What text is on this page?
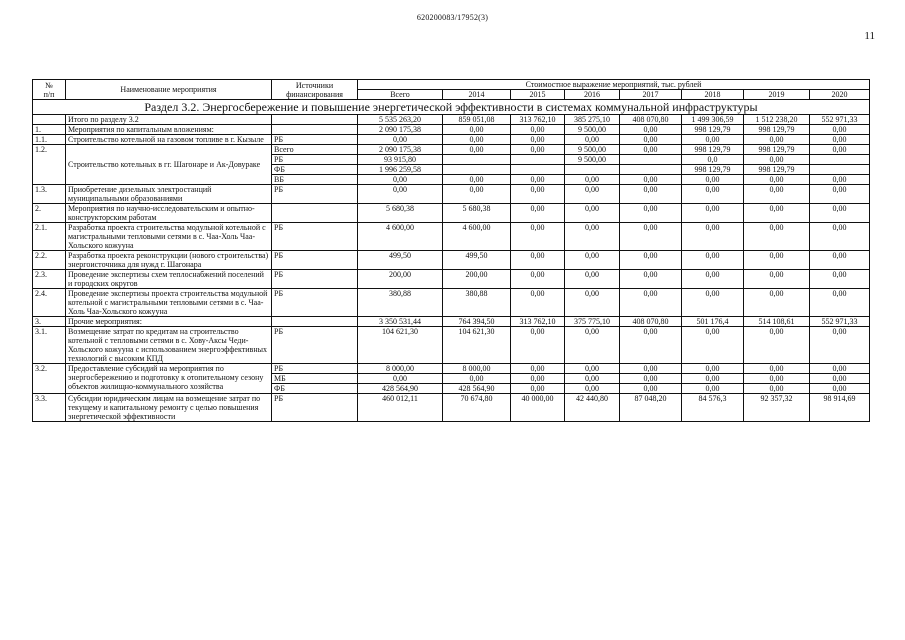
620200083/17952(3)
11
№
п/п	Наименование мероприятия	Источники финансирования	Стоимостное выражение мероприятий, тыс. рублей							
			Всего	2014	2015	2016	2017	2018	2019	2020
Раздел 3.2. Энергосбережение и повышение энергетической эффективности в системах коммунальной инфраструктуры										
	Итого по разделу 3.2		5 535 263,20	859 051,08	313 762,10	385 275,10	408 070,80	1 499 306,59	1 512 238,20	552 971,33
1.	Мероприятия по капитальным вложениям:		2 090 175,38	0,00	0,00	9 500,00	0,00	998 129,79	998 129,79	0,00
1.1.	Строительство котельной на газовом топливе в г. Кызыле	РБ	0,00	0,00	0,00	0,00	0,00	0,00	0,00	0,00
1.2.	Строительство котельных в гг. Шагонаре и Ак-Довураке	Всего	2 090 175,38	0,00	0,00	9 500,00	0,00	998 129,79	998 129,79	0,00
		РБ	93 915,80			9 500,00		0,0	0,00	
		ФБ	1 996 259,58					998 129,79	998 129,79	
		ВБ	0,00	0,00	0,00	0,00	0,00	0,00	0,00	0,00
1.3.	Приобретение дизельных электростанций муниципальными образованиями	РБ	0,00	0,00	0,00	0,00	0,00	0,00	0,00	0,00
2.	Мероприятия по научно-исследовательским и опытно-конструкторским работам		5 680,38	5 680,38	0,00	0,00	0,00	0,00	0,00	0,00
2.1.	Разработка проекта строительства модульной котельной с магистральными тепловыми сетями в с. Чаа-Холь Чаа-Хольского кожууна	РБ	4 600,00	4 600,00	0,00	0,00	0,00	0,00	0,00	0,00
2.2.	Разработка проекта реконструкции (нового строительства) энергоисточника для нужд г. Шагонара	РБ	499,50	499,50	0,00	0,00	0,00	0,00	0,00	0,00
2.3.	Проведение экспертизы схем теплоснабжений поселений и городских округов	РБ	200,00	200,00	0,00	0,00	0,00	0,00	0,00	0,00
2.4.	Проведение экспертизы проекта строительства модульной котельной с магистральными тепловыми сетями в с. Чаа-Холь Чаа-Хольского кожууна	РБ	380,88	380,88	0,00	0,00	0,00	0,00	0,00	0,00
3.	Прочие мероприятия:		3 350 531,44	764 394,50	313 762,10	375 775,10	408 070,80	501 176,4	514 108,61	552 971,33
3.1.	Возмещение затрат по кредитам на строительство котельной с тепловыми сетями в с. Хову-Аксы Чеди-Хольского кожууна с использованием энергоэффективных технологий с высоким КПД	РБ	104 621,30	104 621,30	0,00	0,00	0,00	0,00	0,00	0,00
3.2.	Предоставление субсидий на мероприятия по энергосбережению и подготовку к отопительному сезону объектов жилищно-коммунального хозяйства	РБ	8 000,00	8 000,00	0,00	0,00	0,00	0,00	0,00	0,00
		МБ	0,00	0,00	0,00	0,00	0,00	0,00	0,00	0,00
		ФБ	428 564,90	428 564,90	0,00	0,00	0,00	0,00	0,00	0,00
3.3.	Субсидии юридическим лицам на возмещение затрат по текущему и капитальному ремонту с целью повышения энергетической эффективности	РБ	460 012,11	70 674,80	40 000,00	42 440,80	87 048,20	84 576,3	92 357,32	98 914,69
